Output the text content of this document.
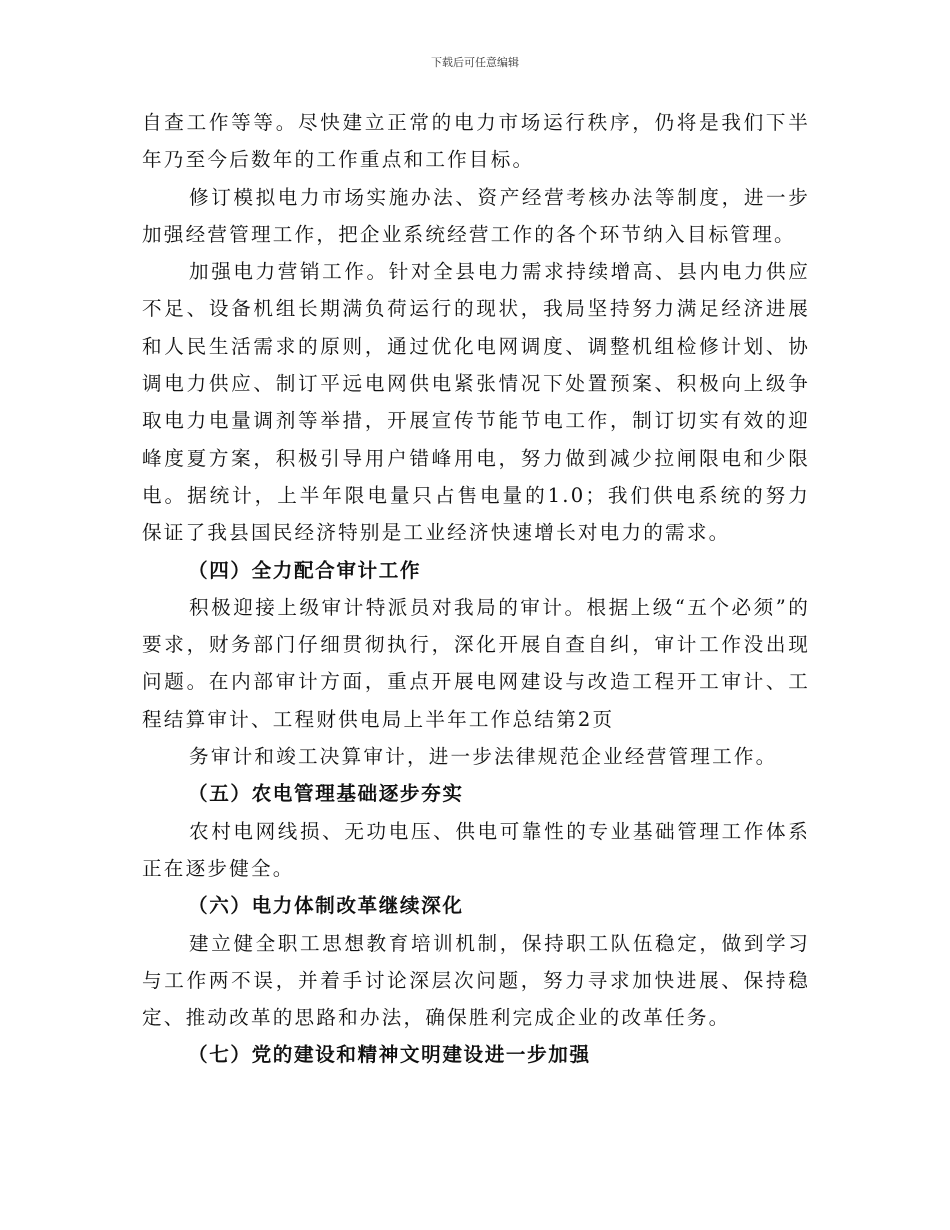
下载后可任意编辑

自查工作等等。尽快建立正常的电力市场运行秩序，仍将是我们下半年乃至今后数年的工作重点和工作目标。

修订模拟电力市场实施办法、资产经营考核办法等制度，进一步加强经营管理工作，把企业系统经营工作的各个环节纳入目标管理。

加强电力营销工作。针对全县电力需求持续增高、县内电力供应不足、设备机组长期满负荷运行的现状，我局坚持努力满足经济进展和人民生活需求的原则，通过优化电网调度、调整机组检修计划、协调电力供应、制订平远电网供电紧张情况下处置预案、积极向上级争取电力电量调剂等举措，开展宣传节能节电工作，制订切实有效的迎峰度夏方案，积极引导用户错峰用电，努力做到减少拉闸限电和少限电。据统计，上半年限电量只占售电量的1.0；我们供电系统的努力保证了我县国民经济特别是工业经济快速增长对电力的需求。

（四）全力配合审计工作

积极迎接上级审计特派员对我局的审计。根据上级“五个必须”的要求，财务部门仔细贯彻执行，深化开展自查自纠，审计工作没出现问题。在内部审计方面，重点开展电网建设与改造工程开工审计、工程结算审计、工程财供电局上半年工作总结第2页

务审计和竣工决算审计，进一步法律规范企业经营管理工作。

（五）农电管理基础逐步夯实

农村电网线损、无功电压、供电可靠性的专业基础管理工作体系正在逐步健全。

（六）电力体制改革继续深化

建立健全职工思想教育培训机制，保持职工队伍稳定，做到学习与工作两不误，并着手讨论深层次问题，努力寻求加快进展、保持稳定、推动改革的思路和办法，确保胜利完成企业的改革任务。

（七）党的建设和精神文明建设进一步加强
